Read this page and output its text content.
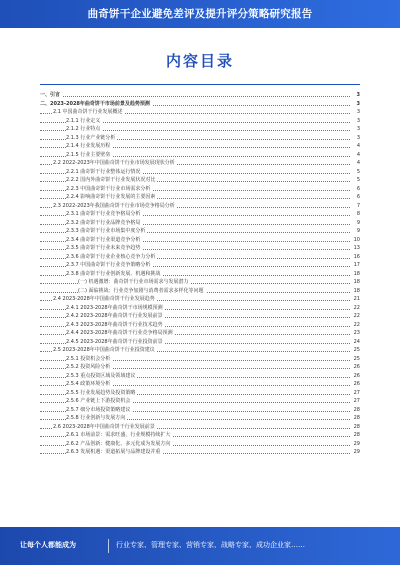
曲奇饼干企业避免差评及提升评分策略研究报告
内容目录
一、引言	3
二、2023-2028年曲奇饼干市场前景及趋势预测	3
2.1 中国曲奇饼干行业发展概述	3
2.1.1 行业定义	3
2.1.2 行业特点	3
2.1.3 行业产业链分析	3
2.1.4 行业发展历程	4
2.1.5 行业主要壁垒	4
2.2 2022-2023年中国曲奇饼干行业市场发展现状分析	4
2.2.1 曲奇饼干行业整体运行情况	5
2.2.2 国内外曲奇饼干行业发展状况对比	5
2.2.3 中国曲奇饼干行业市场需求分析	6
2.2.4 影响曲奇饼干行业发展的主要因素	6
2.3 2022-2023年我国曲奇饼干行业市场竞争格局分析	7
2.3.1 曲奇饼干行业竞争格局分析	8
2.3.2 曲奇饼干行业品牌竞争格局	9
2.3.3 曲奇饼干行业市场集中度分析	9
2.3.4 曲奇饼干行业渠道竞争分析	10
2.3.5 曲奇饼干行业未来竞争趋势	13
2.3.6 曲奇饼干行业企业核心竞争力分析	16
2.3.7 中国曲奇饼干行业竞争策略分析	17
2.3.8 曲奇饼干行业创新发展、机遇和挑战	18
(一) 机遇激增：曲奇饼干行业市场需求与发展潜力	18
(二) 面临挑战：行业竞争加剧与消费者需求多样化等问题	18
2.4 2023-2028年中国曲奇饼干行业发展趋势	21
2.4.1 2023-2028年曲奇饼干市场规模预测	22
2.4.2 2023-2028年曲奇饼干行业发展前景	22
2.4.3 2023-2028年曲奇饼干行业技术趋势	22
2.4.4 2023-2028年曲奇饼干行业竞争格局预测	23
2.4.5 2023-2028年曲奇饼干行业投资前景	24
2.5 2023-2028年中国曲奇饼干行业投资建议	25
2.5.1 投资机会分析	25
2.5.2 投资风险分析	26
2.5.3 重点投资区域及领域建议	26
2.5.4 政策环境分析	26
2.5.5 行业发展趋势及投资策略	27
2.5.6 产业链上下游投资机会	27
2.5.7 细分市场投资策略建议	28
2.5.8 行业创新与发展方向	28
2.6 2023-2028年中国曲奇饼干行业发展前景	28
2.6.1 市场前景：需求旺盛，行业规模持续扩大	28
2.6.2 产品创新：健康化、多元化成为发展方向	29
2.6.3 发展机遇：渠道拓展与品牌建设并重	29
让每个人都能成为	行业专家、管理专家、营销专家、战略专家、成功企业家……
